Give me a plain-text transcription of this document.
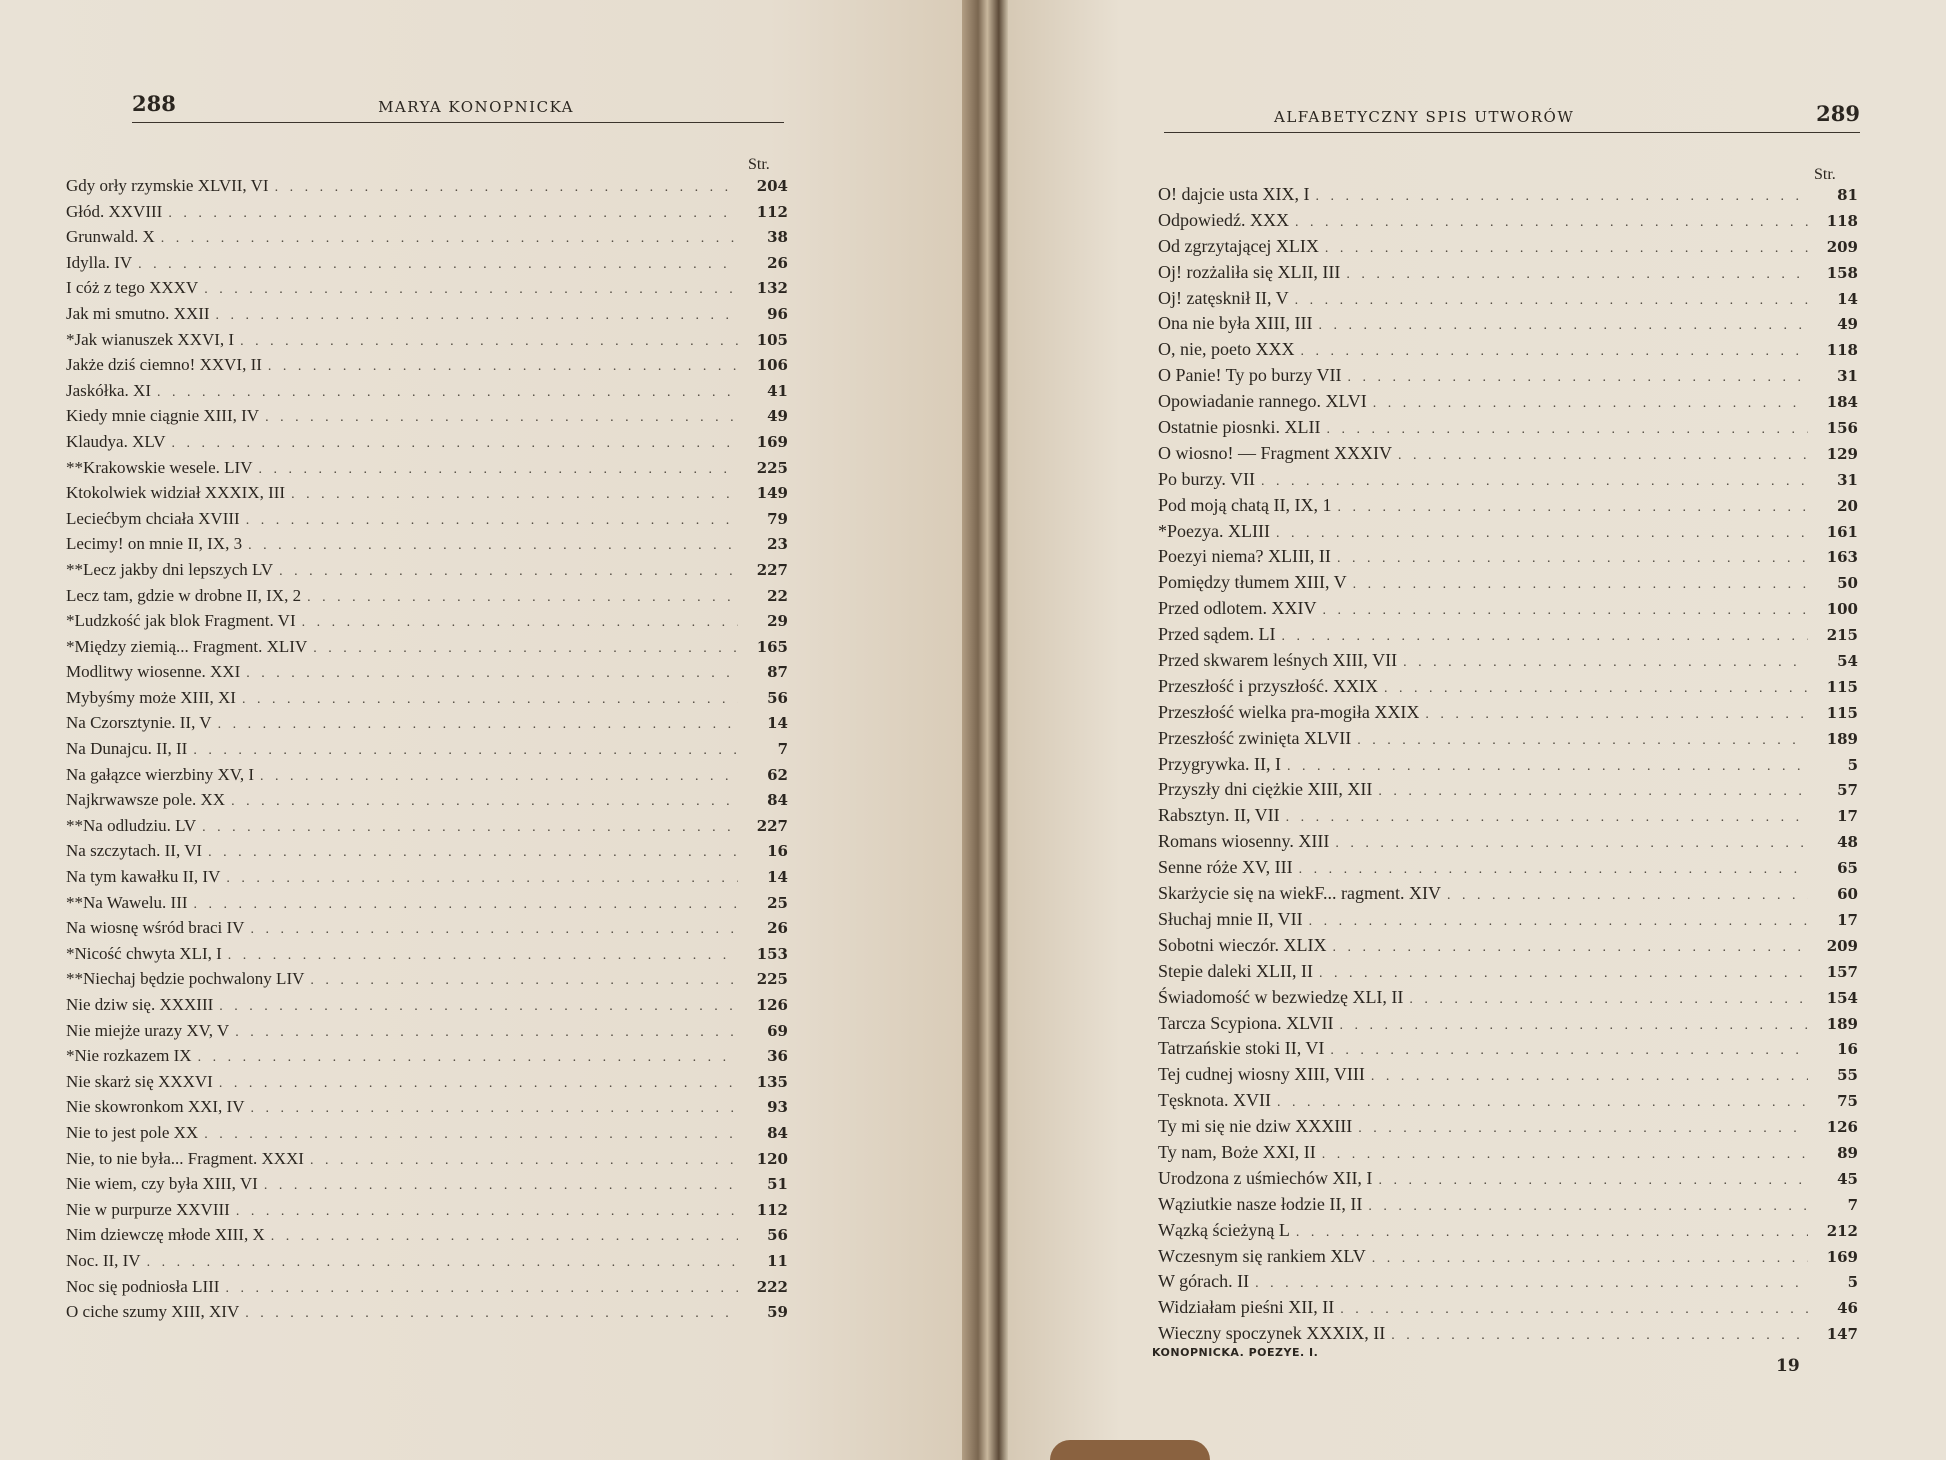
288	MARYA KONOPNICKA
Str.
Gdy orły rzymskie XLVII, VI . . .	204
Głód. XXVIII . . .	112
Grunwald. X . . .	38
Idylla. IV . . .	26
I cóż z tego XXXV . . .	132
Jak mi smutno. XXII . . .	96
*Jak wianuszek XXVI, I . . .	105
Jakże dziś ciemno! XXVI, II . . .	106
Jaskółka. XI . . .	41
Kiedy mnie ciągnie XIII, IV . . .	49
Klaudya. XLV . . .	169
**Krakowskie wesele. LIV . . .	225
Ktokolwiek widział XXXIX, III . . .	149
Leciećbym chciała XVIII . . .	79
Lecimy! on mnie II, IX, 3 . . .	23
**Lecz jakby dni lepszych LV . . .	227
Lecz tam, gdzie w drobne II, IX, 2 . . .	22
*Ludzkość jak blok Fragment. VI . . .	29
*Między ziemią... Fragment. XLIV . . .	165
Modlitwy wiosenne. XXI . . .	87
Mybyśmy może XIII, XI . . .	56
Na Czorsztynie. II, V . . .	14
Na Dunajcu. II, II . . .	7
Na gałązce wierzbiny XV, I . . .	62
Najkrwawsze pole. XX . . .	84
**Na odludziu. LV . . .	227
Na szczytach. II, VI . . .	16
Na tym kawałku II, IV . . .	14
**Na Wawelu. III . . .	25
Na wiosnę wśród braci IV . . .	26
*Nicość chwyta XLI, I . . .	153
**Niechaj będzie pochwalony LIV . . .	225
Nie dziw się. XXXIII . . .	126
Nie miejże urazy XV, V . . .	69
*Nie rozkazem IX . . .	36
Nie skarż się XXXVI . . .	135
Nie skowronkom XXI, IV . . .	93
Nie to jest pole XX . . .	84
Nie, to nie była... Fragment. XXXI . . .	120
Nie wiem, czy była XIII, VI . . .	51
Nie w purpurze XXVIII . . .	112
Nim dziewczę młode XIII, X . . .	56
Noc. II, IV . . .	11
Noc się podniosła LIII . . .	222
O ciche szumy XIII, XIV . . .	59
ALFABETYCZNY SPIS UTWORÓW	289
Str.
O! dajcie usta XIX, I . . .	81
Odpowiedź. XXX . . .	118
Od zgrzytającej XLIX . . .	209
Oj! rozżaliła się XLII, III . . .	158
Oj! zatęsknił II, V . . .	14
Ona nie była XIII, III . . .	49
O, nie, poeto XXX . . .	118
O Panie! Ty po burzy VII . . .	31
Opowiadanie rannego. XLVI . . .	184
Ostatnie piosnki. XLII . . .	156
O wiosno! — Fragment XXXIV . . .	129
Po burzy. VII . . .	31
Pod moją chatą II, IX, 1 . . .	20
*Poezya. XLIII . . .	161
Poezyi niema? XLIII, II . . .	163
Pomiędzy tłumem XIII, V . . .	50
Przed odlotem. XXIV . . .	100
Przed sądem. LI . . .	215
Przed skwarem leśnych XIII, VII . . .	54
Przeszłość i przyszłość. XXIX . . .	115
Przeszłość wielka pra-mogiła XXIX . . .	115
Przeszłość zwinięta XLVII . . .	189
Przygrywka. II, I . . .	5
Przyszły dni ciężkie XIII, XII . . .	57
Rabsztyn. II, VII . . .	17
Romans wiosenny. XIII . . .	48
Senne róże XV, III . . .	65
Skarżycie się na wiekF... ragment. XIV . . .	60
Słuchaj mnie II, VII . . .	17
Sobotni wieczór. XLIX . . .	209
Stepie daleki XLII, II . . .	157
Świadomość w bezwiedzę XLI, II . . .	154
Tarcza Scypiona. XLVII . . .	189
Tatrzańskie stoki II, VI . . .	16
Tej cudnej wiosny XIII, VIII . . .	55
Tęsknota. XVII . . .	75
Ty mi się nie dziw XXXIII . . .	126
Ty nam, Boże XXI, II . . .	89
Urodzona z uśmiechów XII, I . . .	45
Wąziutkie nasze łodzie II, II . . .	7
Wązką ścieżyną L . . .	212
Wczesnym się rankiem XLV . . .	169
W górach. II . . .	5
Widziałam pieśni XII, II . . .	46
Wieczny spoczynek XXXIX, II . . .	147
KONOPNICKA. POEZYE. I.
19
